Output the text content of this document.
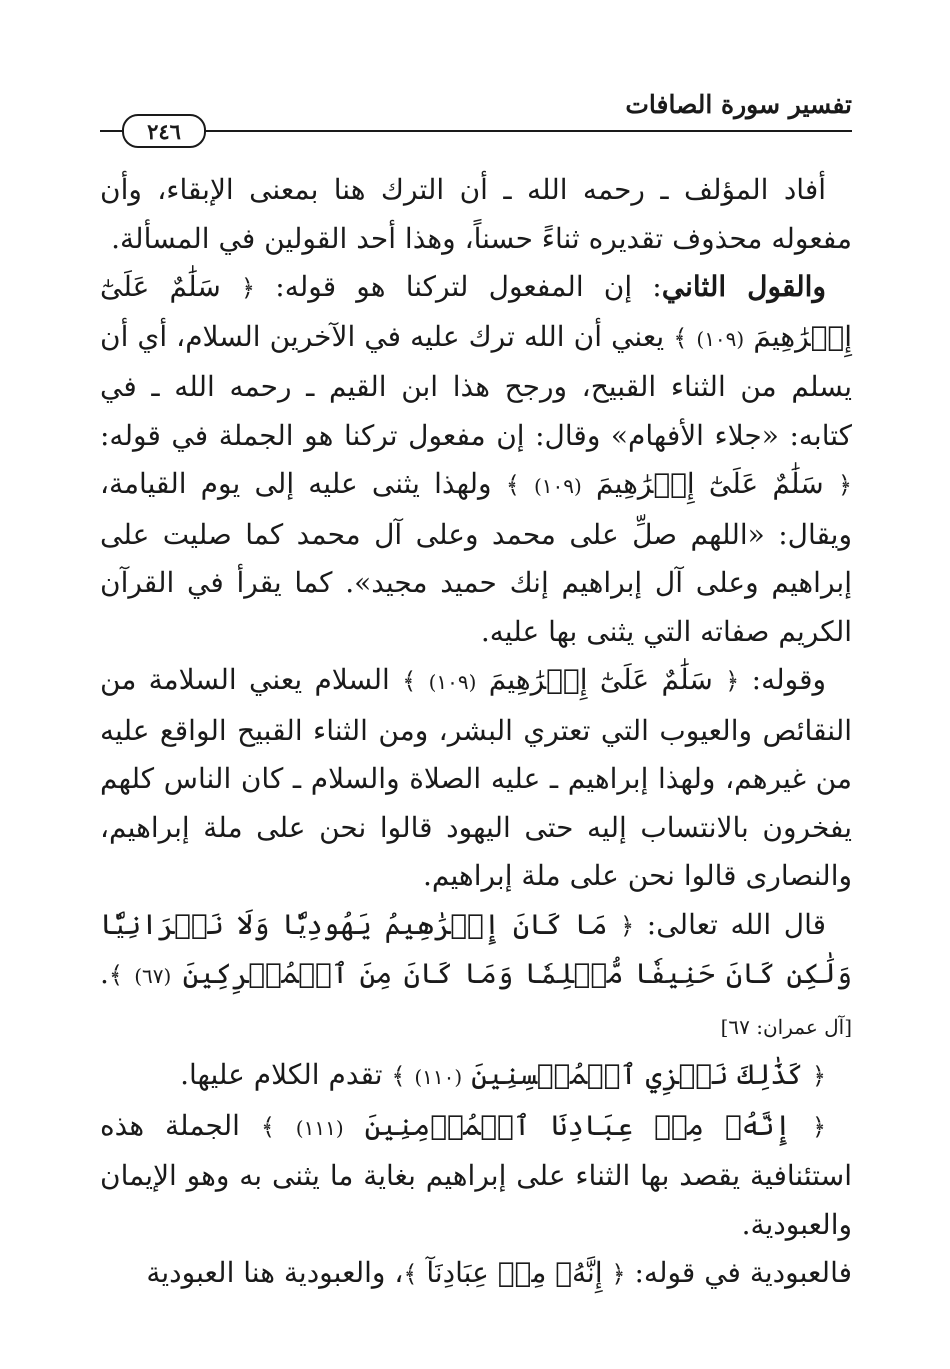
تفسير سورة الصافات
٢٤٦

أفاد المؤلف ـ رحمه الله ـ أن الترك هنا بمعنى الإبقاء، وأن مفعوله محذوف تقديره ثناءً حسناً، وهذا أحد القولين في المسألة.

والقول الثاني: إن المفعول لتركنا هو قوله: ﴿ سَلَٰمٌ عَلَىٰٓ إِبۡرَٰهِيمَ (١٠٩) ﴾ يعني أن الله ترك عليه في الآخرين السلام، أي أن يسلم من الثناء القبيح، ورجح هذا ابن القيم ـ رحمه الله ـ في كتابه: «جلاء الأفهام» وقال: إن مفعول تركنا هو الجملة في قوله: ﴿ سَلَٰمٌ عَلَىٰٓ إِبۡرَٰهِيمَ (١٠٩) ﴾ ولهذا يثنى عليه إلى يوم القيامة، ويقال: «اللهم صلِّ على محمد وعلى آل محمد كما صليت على إبراهيم وعلى آل إبراهيم إنك حميد مجيد». كما يقرأ في القرآن الكريم صفاته التي يثنى بها عليه.

وقوله: ﴿ سَلَٰمٌ عَلَىٰٓ إِبۡرَٰهِيمَ (١٠٩) ﴾ السلام يعني السلامة من النقائص والعيوب التي تعتري البشر، ومن الثناء القبيح الواقع عليه من غيرهم، ولهذا إبراهيم ـ عليه الصلاة والسلام ـ كان الناس كلهم يفخرون بالانتساب إليه حتى اليهود قالوا نحن على ملة إبراهيم، والنصارى قالوا نحن على ملة إبراهيم.

قال الله تعالى: ﴿ مَا كَانَ إِبۡرَٰهِيمُ يَهُودِيّٗا وَلَا نَصۡرَانِيّٗا وَلَٰكِن كَانَ حَنِيفٗا مُّسۡلِمٗا وَمَا كَانَ مِنَ ٱلۡمُشۡرِكِينَ (٦٧) ﴾. [آل عمران: ٦٧]

﴿ كَذَٰلِكَ نَجۡزِي ٱلۡمُحۡسِنِينَ (١١٠) ﴾ تقدم الكلام عليها.

﴿ إِنَّهُۥ مِنۡ عِبَادِنَا ٱلۡمُؤۡمِنِينَ (١١١) ﴾ الجملة هذه استئنافية يقصد بها الثناء على إبراهيم بغاية ما يثنى به وهو الإيمان والعبودية.

فالعبودية في قوله: ﴿ إِنَّهُۥ مِنۡ عِبَادِنَآ ﴾، والعبودية هنا العبودية
